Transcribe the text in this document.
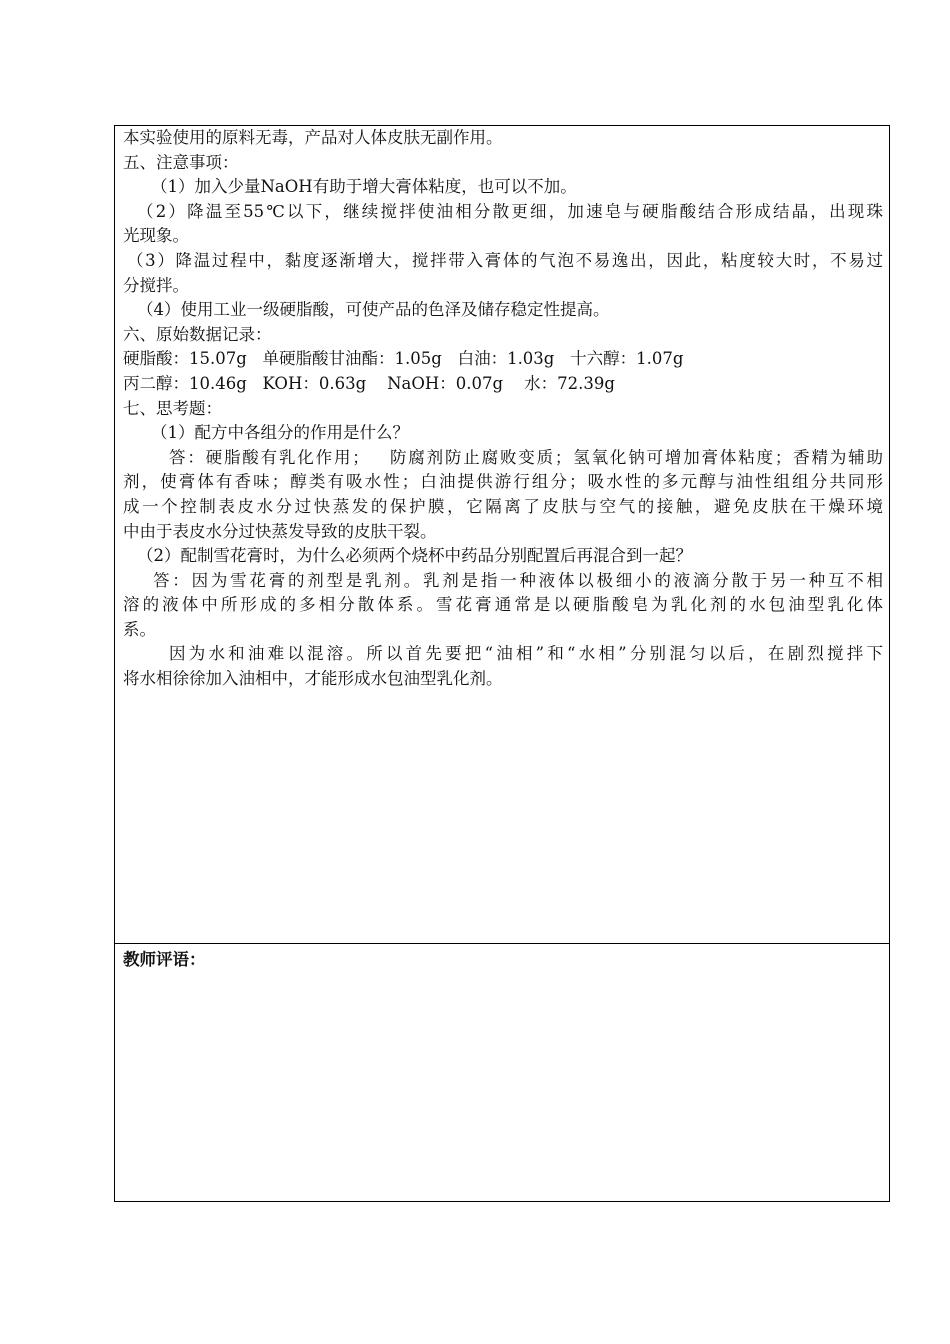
本实验使用的原料无毒，产品对人体皮肤无副作用。
五、注意事项：
（1）加入少量NaOH有助于增大膏体粘度，也可以不加。
（2）降温至55℃以下，继续搅拌使油相分散更细，加速皂与硬脂酸结合形成结晶，出现珠
光现象。
（3）降温过程中，黏度逐渐增大，搅拌带入膏体的气泡不易逸出，因此，粘度较大时，不易过
分搅拌。
（4）使用工业一级硬脂酸，可使产品的色泽及储存稳定性提高。
六、原始数据记录：
硬脂酸：15.07g   单硬脂酸甘油酯：1.05g   白油：1.03g   十六醇：1.07g
丙二醇：10.46g   KOH：0.63g    NaOH：0.07g    水：72.39g
七、思考题：
（1）配方中各组分的作用是什么？
答：硬脂酸有乳化作用；   防腐剂防止腐败变质；氢氧化钠可增加膏体粘度；香精为辅助
剂，使膏体有香味；醇类有吸水性；白油提供游行组分；吸水性的多元醇与油性组组分共同形
成一个控制表皮水分过快蒸发的保护膜，它隔离了皮肤与空气的接触，避免皮肤在干燥环境
中由于表皮水分过快蒸发导致的皮肤干裂。
（2）配制雪花膏时，为什么必须两个烧杯中药品分别配置后再混合到一起？
答：因为雪花膏的剂型是乳剂。乳剂是指一种液体以极细小的液滴分散于另一种互不相
溶的液体中所形成的多相分散体系。雪花膏通常是以硬脂酸皂为乳化剂的水包油型乳化体
系。
因为水和油难以混溶。所以首先要把“油相”和“水相”分别混匀以后，在剧烈搅拌下
将水相徐徐加入油相中，才能形成水包油型乳化剂。
教师评语：
